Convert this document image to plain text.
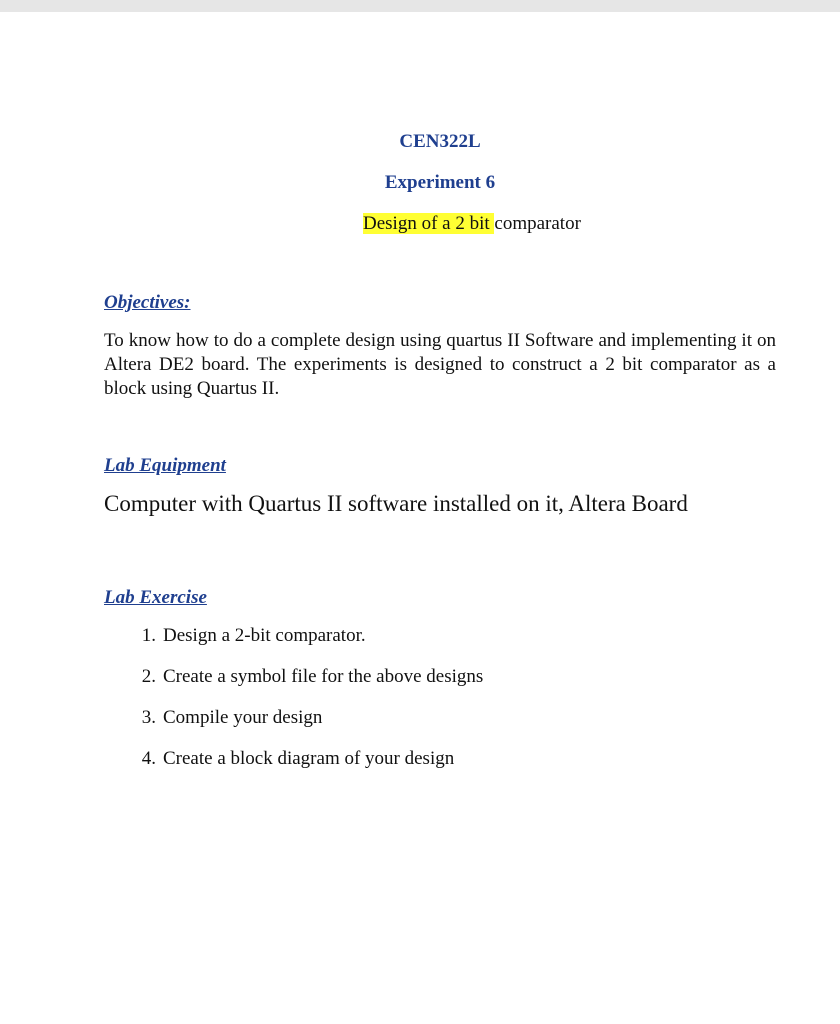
CEN322L

Experiment 6

Design of a 2 bit comparator

Objectives:

To know how to do a complete design using quartus II Software and implementing it on Altera DE2 board. The experiments is designed to construct a 2 bit comparator as a block using Quartus II.

Lab Equipment

Computer with Quartus II software installed on it, Altera Board

Lab Exercise
1. Design a 2-bit comparator.
2. Create a symbol file for the above designs
3. Compile your design
4. Create a block diagram of your design
